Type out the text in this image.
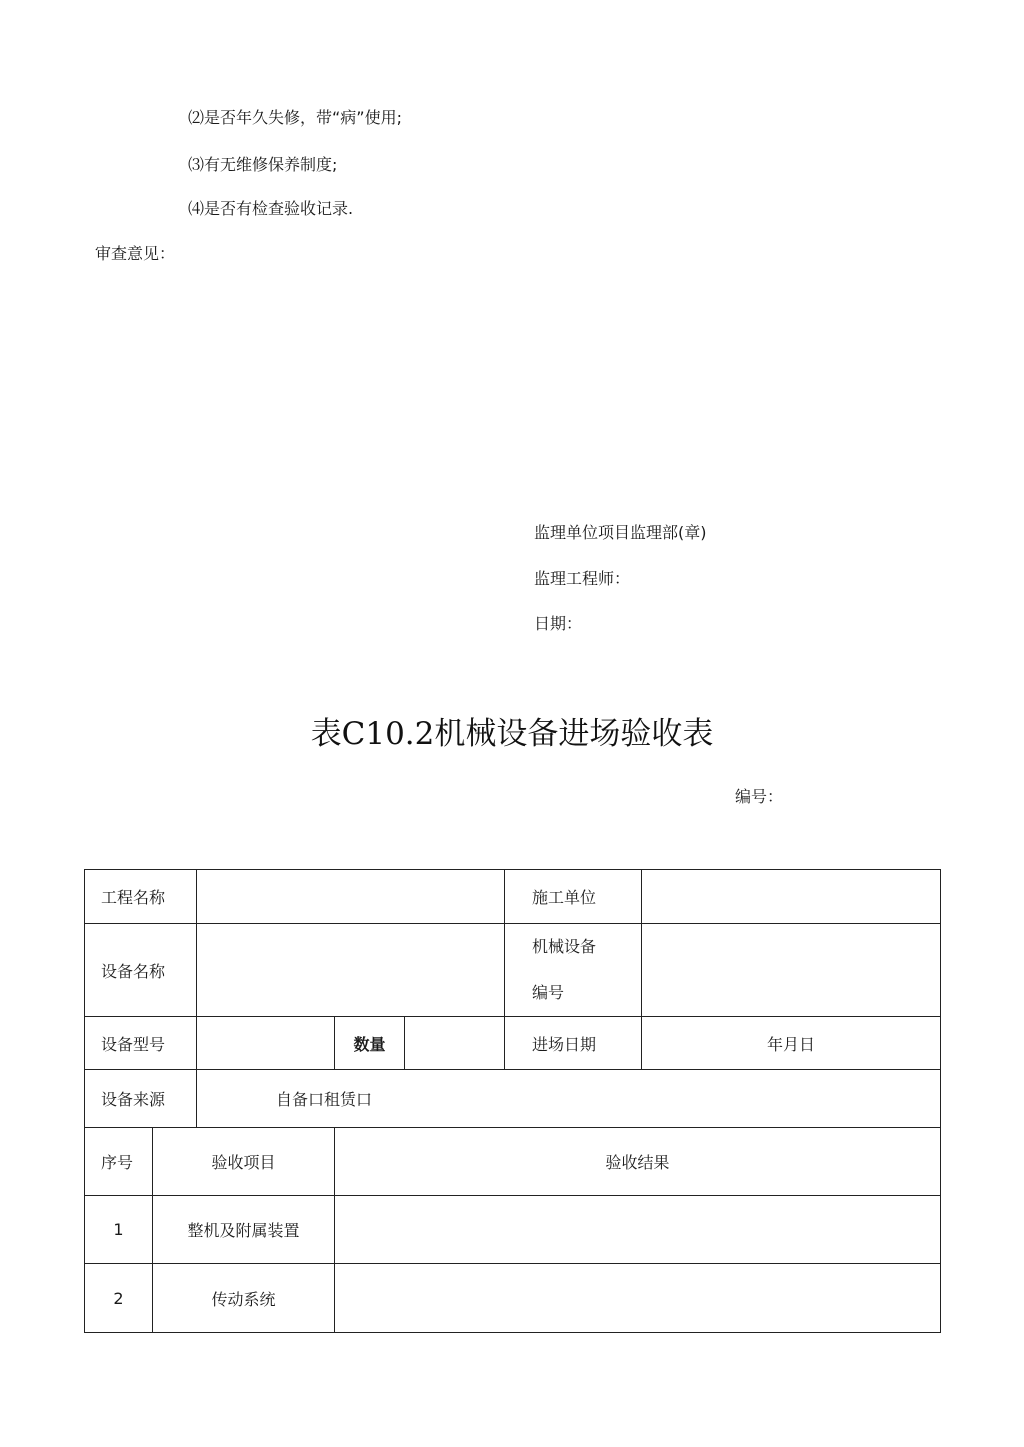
⑵是否年久失修，带“病”使用;
⑶有无维修保养制度;
⑷是否有检查验收记录.
审查意见：
监理单位项目监理部(章)
监理工程师：
日期：
表C10.2机械设备进场验收表
编号：
工程名称					施工单位	
设备名称					机械设备
编号	

设备型号			数量		进场日期	年月日
设备来源		自备口租赁口				
序号	验收项目		验收结果			
1	整机及附属装置					
2	传动系统					
